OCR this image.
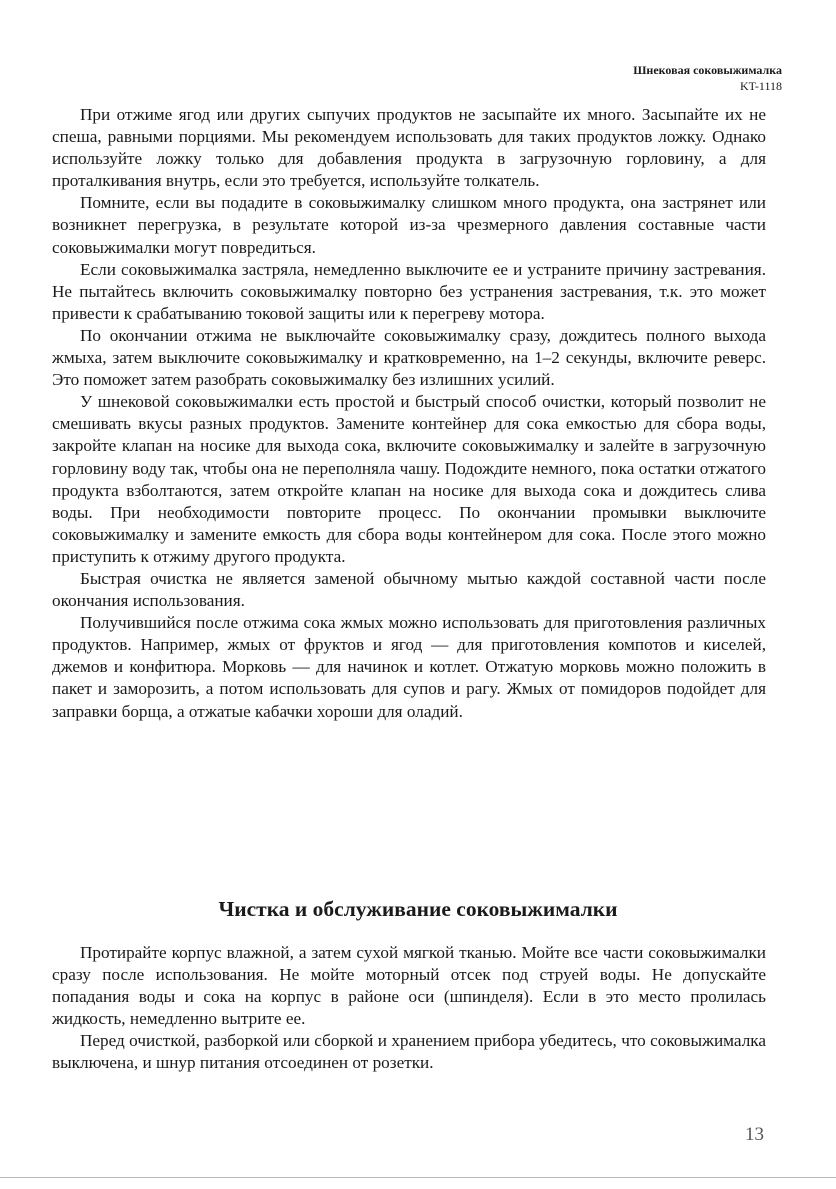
Шнековая соковыжималка
KT-1118

При отжиме ягод или других сыпучих продуктов не засыпайте их много. Засыпайте их не спеша, равными порциями. Мы рекомендуем использовать для таких продуктов ложку. Однако используйте ложку только для добавления продукта в загрузочную горловину, а для проталкивания внутрь, если это требуется, используйте толкатель.

Помните, если вы подадите в соковыжималку слишком много продукта, она застрянет или возникнет перегрузка, в результате которой из-за чрезмерного давления составные части соковыжималки могут повредиться.

Если соковыжималка застряла, немедленно выключите ее и устраните причину застревания. Не пытайтесь включить соковыжималку повторно без устранения застревания, т.к. это может привести к срабатыванию токовой защиты или к перегреву мотора.

По окончании отжима не выключайте соковыжималку сразу, дождитесь полного выхода жмыха, затем выключите соковыжималку и кратковременно, на 1–2 секунды, включите реверс. Это поможет затем разобрать соковыжималку без излишних усилий.

У шнековой соковыжималки есть простой и быстрый способ очистки, который позволит не смешивать вкусы разных продуктов. Замените контейнер для сока емкостью для сбора воды, закройте клапан на носике для выхода сока, включите соковыжималку и залейте в загрузочную горловину воду так, чтобы она не переполняла чашу. Подождите немного, пока остатки отжатого продукта взболтаются, затем откройте клапан на носике для выхода сока и дождитесь слива воды. При необходимости повторите процесс. По окончании промывки выключите соковыжималку и замените емкость для сбора воды контейнером для сока. После этого можно приступить к отжиму другого продукта.

Быстрая очистка не является заменой обычному мытью каждой составной части после окончания использования.

Получившийся после отжима сока жмых можно использовать для приготовления различных продуктов. Например, жмых от фруктов и ягод — для приготовления компотов и киселей, джемов и конфитюра. Морковь — для начинок и котлет. Отжатую морковь можно положить в пакет и заморозить, а потом использовать для супов и рагу. Жмых от помидоров подойдет для заправки борща, а отжатые кабачки хороши для оладий.

Чистка и обслуживание соковыжималки

Протирайте корпус влажной, а затем сухой мягкой тканью. Мойте все части соковыжималки сразу после использования. Не мойте моторный отсек под струей воды. Не допускайте попадания воды и сока на корпус в районе оси (шпинделя). Если в это место пролилась жидкость, немедленно вытрите ее.

Перед очисткой, разборкой или сборкой и хранением прибора убедитесь, что соковыжималка выключена, и шнур питания отсоединен от розетки.

13
